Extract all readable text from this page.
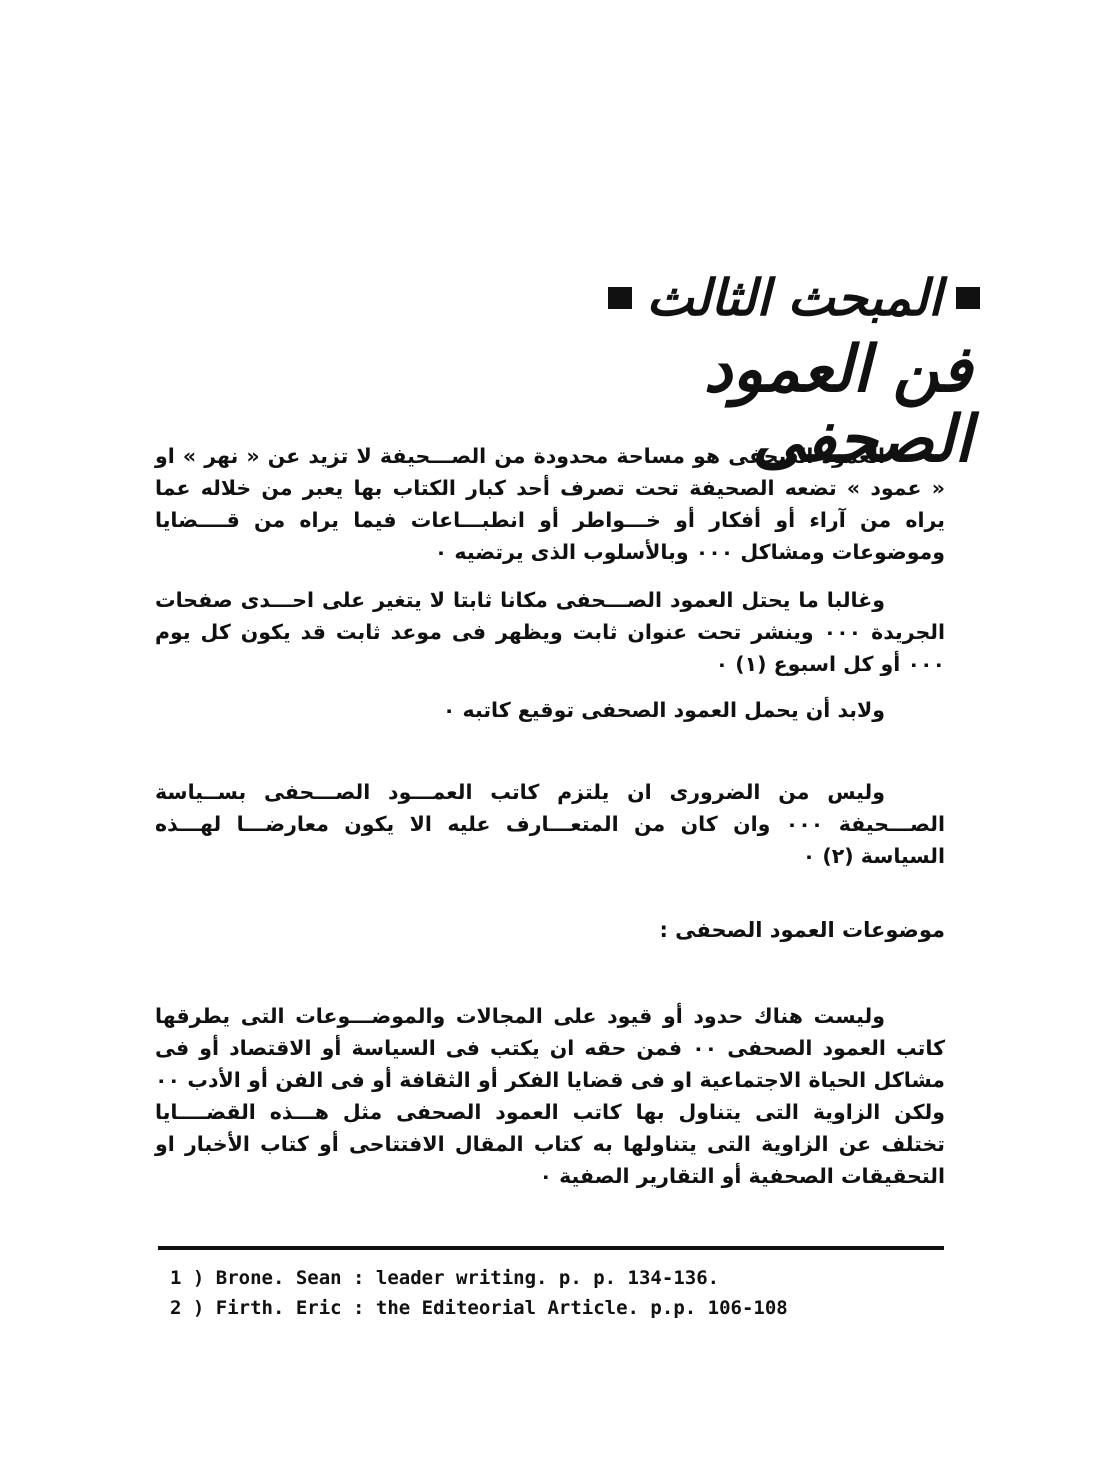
المبحث الثالث
فن العمود الصحفى

العمود الصحفى هو مساحة محدودة من الصـــحيفة لا تزيد عن « نهر » او « عمود » تضعه الصحيفة تحت تصرف أحد كبار الكتاب بها يعبر من خلاله عما يراه من آراء أو أفكار أو خـــواطر أو انطبـــاعات فيما يراه من قــــضايا وموضوعات ومشاكل ٠٠٠ وبالأسلوب الذى يرتضيه ٠

وغالبا ما يحتل العمود الصـــحفى مكانا ثابتا لا يتغير على احـــدى صفحات الجريدة ٠٠٠ وينشر تحت عنوان ثابت ويظهر فى موعد ثابت قد يكون كل يوم ٠٠٠ أو كل اسبوع (١) ٠

ولابد أن يحمل العمود الصحفى توقيع كاتبه ٠

وليس من الضرورى ان يلتزم كاتب العمـــود الصـــحفى بســياسة الصـــحيفة ٠٠٠ وان كان من المتعـــارف عليه الا يكون معارضـــا لهـــذه السياسة (٢) ٠

موضوعات العمود الصحفى :

وليست هناك حدود أو قيود على المجالات والموضـــوعات التى يطرقها كاتب العمود الصحفى ٠٠ فمن حقه ان يكتب فى السياسة أو الاقتصاد أو فى مشاكل الحياة الاجتماعية او فى قضايا الفكر أو الثقافة أو فى الفن أو الأدب ٠٠ ولكن الزاوية التى يتناول بها كاتب العمود الصحفى مثل هـــذه القضــــايا تختلف عن الزاوية التى يتناولها به كتاب المقال الافتتاحى أو كتاب الأخبار او التحقيقات الصحفية أو التقارير الصفية ٠

1 ) Brone. Sean : leader writing. p. p. 134-136.
2 ) Firth. Eric : the Editeorial Article. p.p. 106-108
